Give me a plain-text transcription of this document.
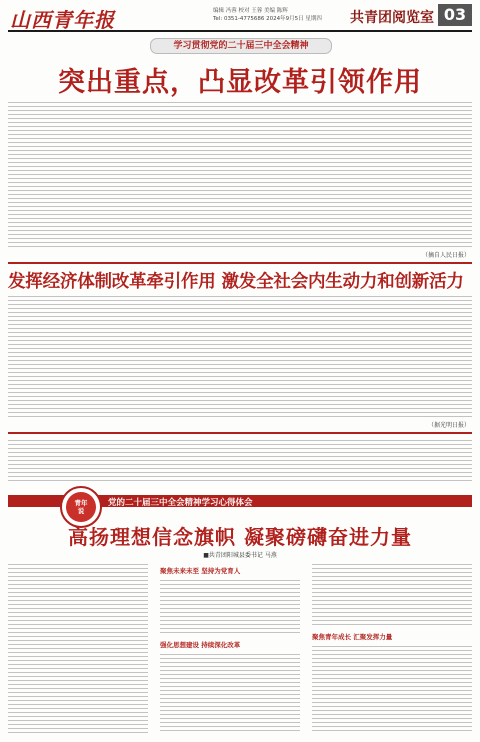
山西青年报	编辑 冯蓉 校对 王蓉 美编 陈辉
Tel: 0351-4775686 2024年9月5日 星期四 共青团阅览室 03
学习贯彻党的二十届三中全会精神
突出重点，凸显改革引领作用
（摘自人民日报）
发挥经济体制改革牵引作用 激发全社会内生动力和创新活力
（据光明日报）
党的二十届三中全会精神学习心得体会
青年
说
高扬理想信念旗帜 凝聚磅礴奋进力量
■共青团阳城县委书记 马燕
聚焦未来未至 坚持为党育人
强化思想建设 持续深化改革
聚焦青年成长 汇聚发挥力量
